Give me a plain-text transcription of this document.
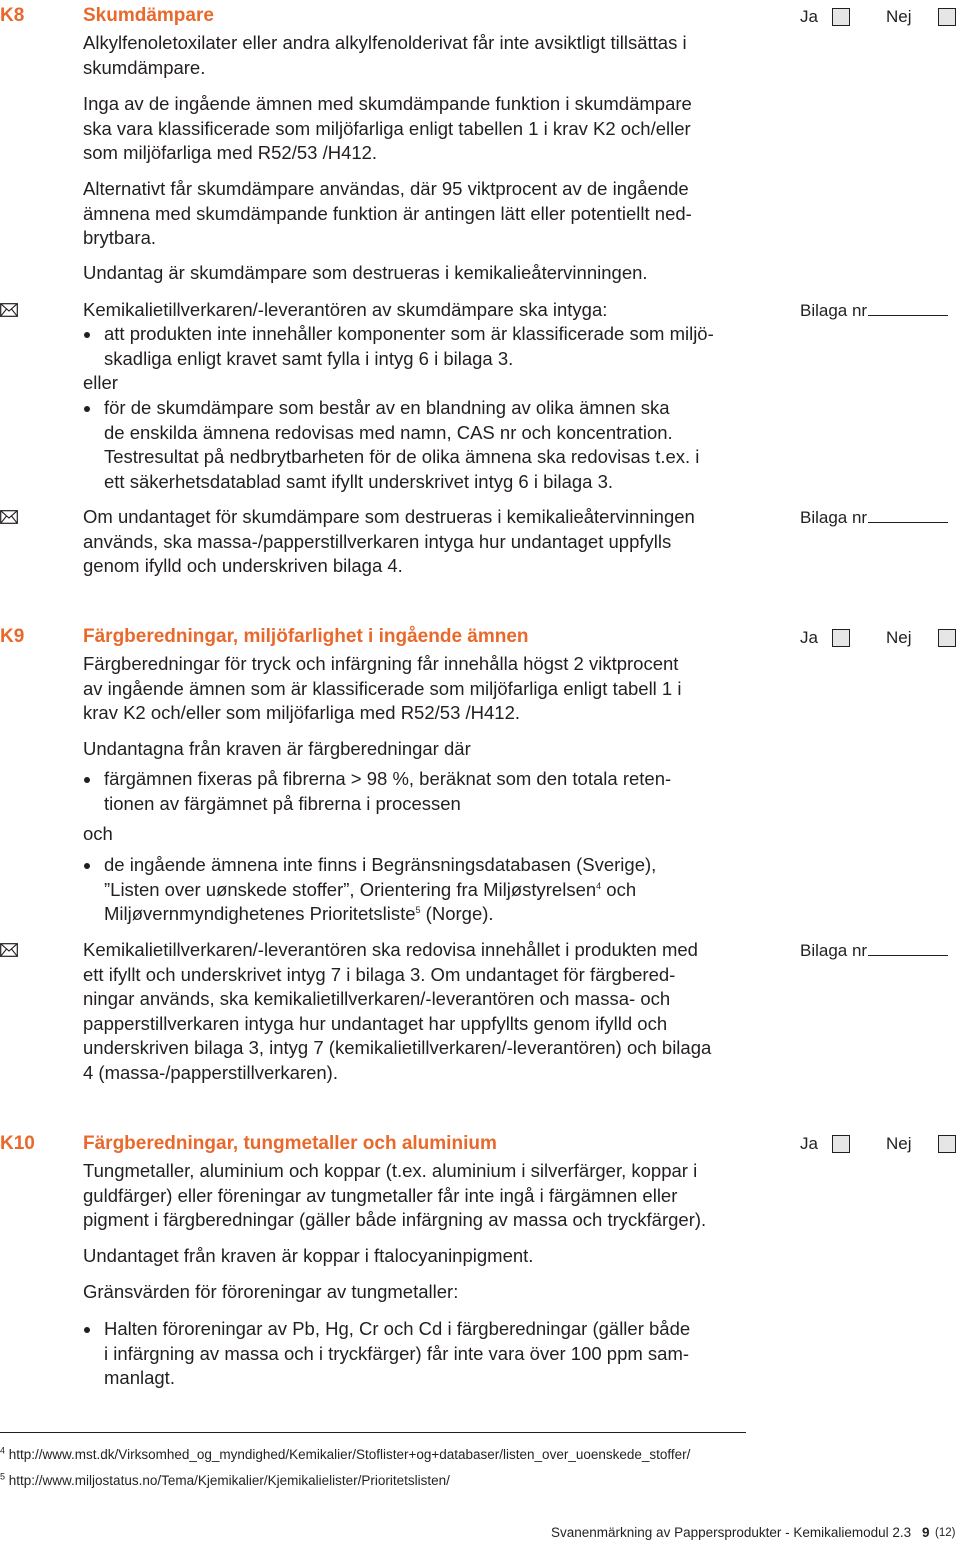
K8	Skumdämpare	Ja	Nej
Alkylfenoletoxilater eller andra alkylfenolderivat får inte avsiktligt tillsättas i
skumdämpare.
Inga av de ingående ämnen med skumdämpande funktion i skumdämpare
ska vara klassificerade som miljöfarliga enligt tabellen 1 i krav K2 och/eller
som miljöfarliga med R52/53 /H412.
Alternativt får skumdämpare användas, där 95 viktprocent av de ingående
ämnena med skumdämpande funktion är antingen lätt eller potentiellt ned-
brytbara.
Undantag är skumdämpare som destrueras i kemikalieåtervinningen.
Kemikalietillverkaren/-leverantören av skumdämpare ska intyga:	Bilaga nr
att produkten inte innehåller komponenter som är klassificerade som miljö-
skadliga enligt kravet samt fylla i intyg 6 i bilaga 3.
eller
för de skumdämpare som består av en blandning av olika ämnen ska
de enskilda ämnena redovisas med namn, CAS nr och koncentration.
Testresultat på nedbrytbarheten för de olika ämnena ska redovisas t.ex. i
ett säkerhetsdatablad samt ifyllt underskrivet intyg 6 i bilaga 3.
Om undantaget för skumdämpare som destrueras i kemikalieåtervinningen
används, ska massa-/papperstillverkaren intyga hur undantaget uppfylls
genom ifylld och underskriven bilaga 4.
Bilaga nr
K9	Färgberedningar, miljöfarlighet i ingående ämnen	Ja	Nej
Färgberedningar för tryck och infärgning får innehålla högst 2 viktprocent
av ingående ämnen som är klassificerade som miljöfarliga enligt tabell 1 i
krav K2 och/eller som miljöfarliga med R52/53 /H412.
Undantagna från kraven är färgberedningar där
färgämnen fixeras på fibrerna > 98 %, beräknat som den totala reten-
tionen av färgämnet på fibrerna i processen
och
de ingående ämnena inte finns i Begränsningsdatabasen (Sverige),
”Listen over uønskede stoffer”, Orientering fra Miljøstyrelsen$^4$ och
Miljøvernmyndighetenes Prioritetsliste$^5$ (Norge).
Kemikalietillverkaren/-leverantören ska redovisa innehållet i produkten med
ett ifyllt och underskrivet intyg 7 i bilaga 3. Om undantaget för färgbered-
ningar används, ska kemikalietillverkaren/-leverantören och massa- och
papperstillverkaren intyga hur undantaget har uppfyllts genom ifylld och
underskriven bilaga 3, intyg 7 (kemikalietillverkaren/-leverantören) och bilaga
4 (massa-/papperstillverkaren).
Bilaga nr
K10	Färgberedningar, tungmetaller och aluminium	Ja	Nej
Tungmetaller, aluminium och koppar (t.ex. aluminium i silverfärger, koppar i
guldfärger) eller föreningar av tungmetaller får inte ingå i färgämnen eller
pigment i färgberedningar (gäller både infärgning av massa och tryckfärger).
Undantaget från kraven är koppar i ftalocyaninpigment.
Gränsvärden för föroreningar av tungmetaller:
Halten föroreningar av Pb, Hg, Cr och Cd i färgberedningar (gäller både
i infärgning av massa och i tryckfärger) får inte vara över 100 ppm sam-
manlagt.
$^4$ http://www.mst.dk/Virksomhed_og_myndighed/Kemikalier/Stoflister+og+databaser/listen_over_uoenskede_stoffer/
$^5$ http://www.miljostatus.no/Tema/Kjemikalier/Kjemikalielister/Prioritetslisten/
Svanenmärkning av Pappersprodukter - Kemikaliemodul 2.3 9 (12)
